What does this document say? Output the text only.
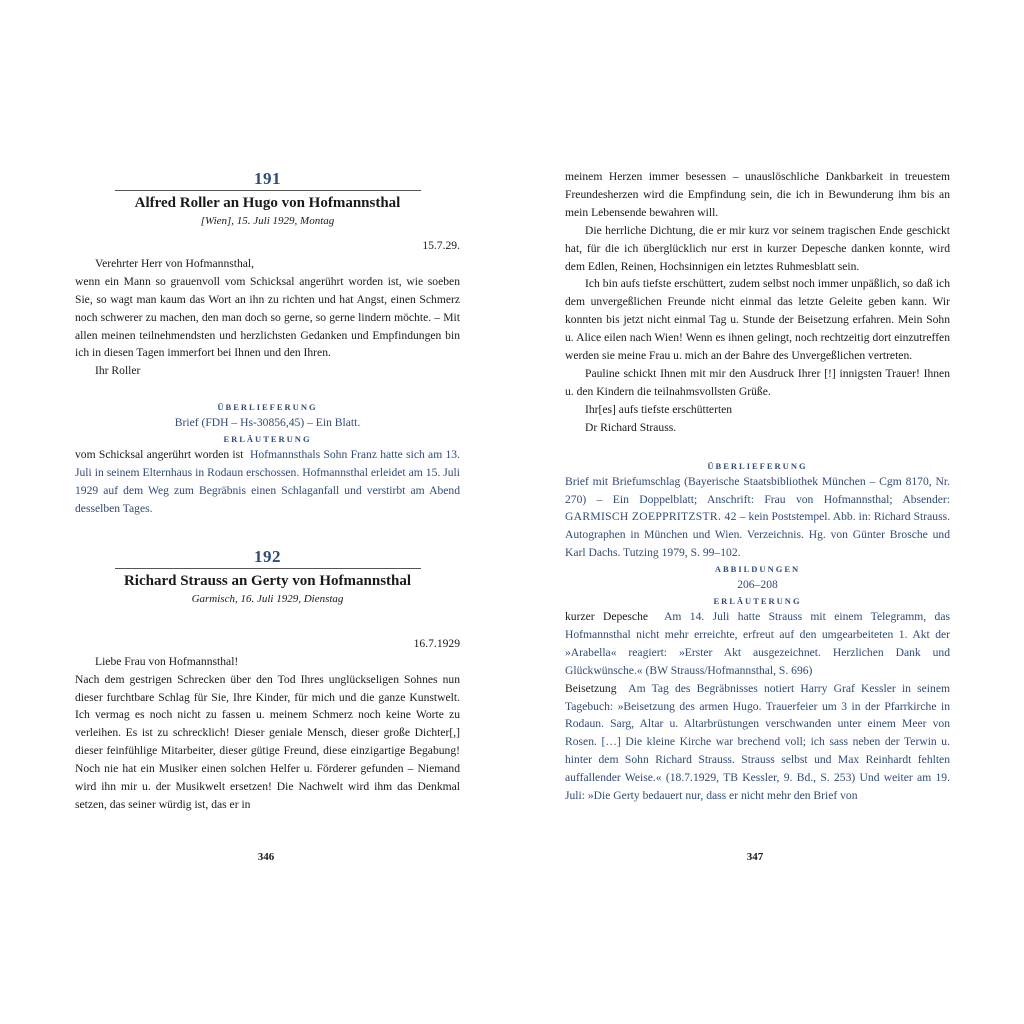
191
Alfred Roller an Hugo von Hofmannsthal
[Wien], 15. Juli 1929, Montag
15.7.29.

Verehrter Herr von Hofmannsthal,

wenn ein Mann so grauenvoll vom Schicksal angerührt worden ist, wie soeben Sie, so wagt man kaum das Wort an ihn zu richten und hat Angst, einen Schmerz noch schwerer zu machen, den man doch so gerne, so gerne lindern möchte. – Mit allen meinen teilnehmendsten und herzlichsten Gedanken und Empfindungen bin ich in diesen Tagen immerfort bei Ihnen und den Ihren.

Ihr Roller
ÜBERLIEFERUNG
Brief (FDH – Hs-30856,45) – Ein Blatt.
ERLÄUTERUNG

vom Schicksal angerührt worden ist Hofmannsthals Sohn Franz hatte sich am 13. Juli in seinem Elternhaus in Rodaun erschossen. Hofmannsthal erleidet am 15. Juli 1929 auf dem Weg zum Begräbnis einen Schlaganfall und verstirbt am Abend desselben Tages.

192
Richard Strauss an Gerty von Hofmannsthal
Garmisch, 16. Juli 1929, Dienstag
16.7.1929

Liebe Frau von Hofmannsthal!

Nach dem gestrigen Schrecken über den Tod Ihres unglückseligen Sohnes nun dieser furchtbare Schlag für Sie, Ihre Kinder, für mich und die ganze Kunstwelt. Ich vermag es noch nicht zu fassen u. meinem Schmerz noch keine Worte zu verleihen. Es ist zu schrecklich! Dieser geniale Mensch, dieser große Dichter[,] dieser feinfühlige Mitarbeiter, dieser gütige Freund, diese einzigartige Begabung! Noch nie hat ein Musiker einen solchen Helfer u. Förderer gefunden – Niemand wird ihn mir u. der Musikwelt ersetzen! Die Nachwelt wird ihm das Denkmal setzen, das seiner würdig ist, das er in

346

meinem Herzen immer besessen – unauslöschliche Dankbarkeit in treuestem Freundesherzen wird die Empfindung sein, die ich in Bewunderung ihm bis an mein Lebensende bewahren will.

Die herrliche Dichtung, die er mir kurz vor seinem tragischen Ende geschickt hat, für die ich überglücklich nur erst in kurzer Depesche danken konnte, wird dem Edlen, Reinen, Hochsinnigen ein letztes Ruhmesblatt sein.

Ich bin aufs tiefste erschüttert, zudem selbst noch immer unpäßlich, so daß ich dem unvergeßlichen Freunde nicht einmal das letzte Geleite geben kann. Wir konnten bis jetzt nicht einmal Tag u. Stunde der Beisetzung erfahren. Mein Sohn u. Alice eilen nach Wien! Wenn es ihnen gelingt, noch rechtzeitig dort einzutreffen werden sie meine Frau u. mich an der Bahre des Unvergeßlichen vertreten.

Pauline schickt Ihnen mit mir den Ausdruck Ihrer [!] innigsten Trauer! Ihnen u. den Kindern die teilnahmsvollsten Grüße.

Ihr[es] aufs tiefste erschütterten
Dr Richard Strauss.
ÜBERLIEFERUNG
Brief mit Briefumschlag (Bayerische Staatsbibliothek München – Cgm 8170, Nr. 270) – Ein Doppelblatt; Anschrift: Frau von Hofmannsthal; Absender: GARMISCH ZOEPPRITZSTR. 42 – kein Poststempel. Abb. in: Richard Strauss. Autographen in München und Wien. Verzeichnis. Hg. von Günter Brosche und Karl Dachs. Tutzing 1979, S. 99–102.
ABBILDUNGEN
206–208
ERLÄUTERUNG

kurzer Depesche Am 14. Juli hatte Strauss mit einem Telegramm, das Hofmannsthal nicht mehr erreichte, erfreut auf den umgearbeiteten 1. Akt der »Arabella« reagiert: »Erster Akt ausgezeichnet. Herzlichen Dank und Glückwünsche.« (BW Strauss/Hofmannsthal, S. 696)

Beisetzung Am Tag des Begräbnisses notiert Harry Graf Kessler in seinem Tagebuch: »Beisetzung des armen Hugo. Trauerfeier um 3 in der Pfarrkirche in Rodaun. Sarg, Altar u. Altarbrüstungen verschwanden unter einem Meer von Rosen. […] Die kleine Kirche war brechend voll; ich sass neben der Terwin u. hinter dem Sohn Richard Strauss. Strauss selbst und Max Reinhardt fehlten auffallender Weise.« (18.7.1929, TB Kessler, 9. Bd., S. 253) Und weiter am 19. Juli: »Die Gerty bedauert nur, dass er nicht mehr den Brief von

347
